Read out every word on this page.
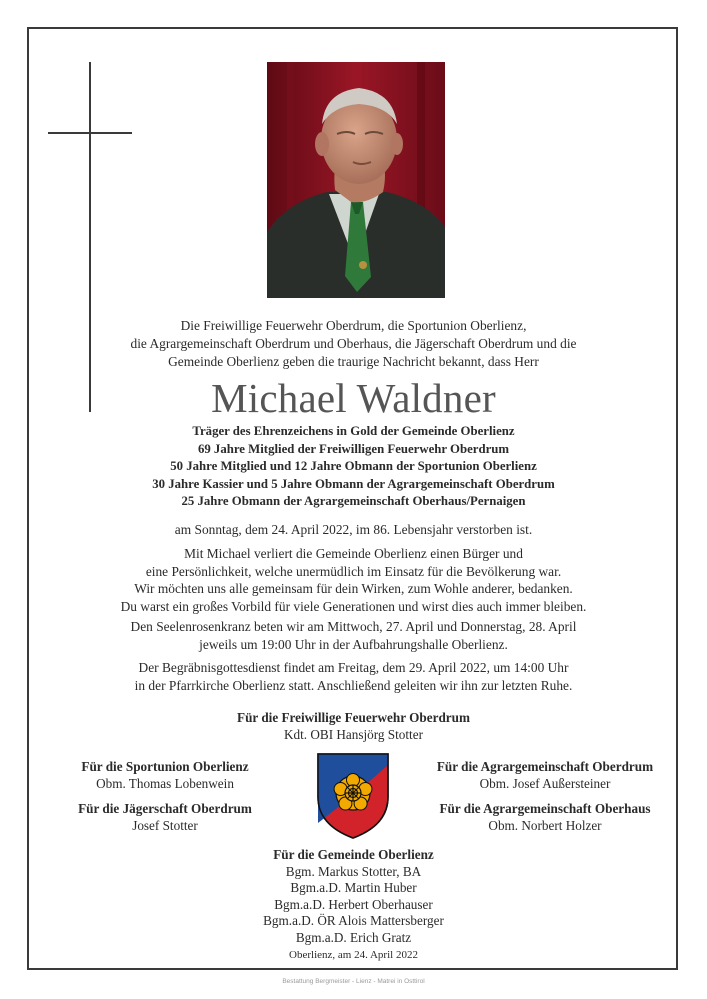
Die Freiwillige Feuerwehr Oberdrum, die Sportunion Oberlienz,
die Agrargemeinschaft Oberdrum und Oberhaus, die Jägerschaft Oberdrum und die
Gemeinde Oberlienz geben die traurige Nachricht bekannt, dass Herr
Michael Waldner
Träger des Ehrenzeichens in Gold der Gemeinde Oberlienz
69 Jahre Mitglied der Freiwilligen Feuerwehr Oberdrum
50 Jahre Mitglied und 12 Jahre Obmann der Sportunion Oberlienz
30 Jahre Kassier und 5 Jahre Obmann der Agrargemeinschaft Oberdrum
25 Jahre Obmann der Agrargemeinschaft Oberhaus/Pernaigen
am Sonntag, dem 24. April 2022, im 86. Lebensjahr verstorben ist.
Mit Michael verliert die Gemeinde Oberlienz einen Bürger und
eine Persönlichkeit, welche unermüdlich im Einsatz für die Bevölkerung war.
Wir möchten uns alle gemeinsam für dein Wirken, zum Wohle anderer, bedanken.
Du warst ein großes Vorbild für viele Generationen und wirst dies auch immer bleiben.
Den Seelenrosenkranz beten wir am Mittwoch, 27. April und Donnerstag, 28. April
jeweils um 19:00 Uhr in der Aufbahrungshalle Oberlienz.
Der Begräbnisgottesdienst findet am Freitag, dem 29. April 2022, um 14:00 Uhr
in der Pfarrkirche Oberlienz statt. Anschließend geleiten wir ihn zur letzten Ruhe.
Für die Freiwillige Feuerwehr Oberdrum
Kdt. OBI Hansjörg Stotter
Für die Sportunion Oberlienz
Obm. Thomas Lobenwein
Für die Jägerschaft Oberdrum
Josef Stotter
Für die Agrargemeinschaft Oberdrum
Obm. Josef Außersteiner
Für die Agrargemeinschaft Oberhaus
Obm. Norbert Holzer
Für die Gemeinde Oberlienz
Bgm. Markus Stotter, BA
Bgm.a.D. Martin Huber
Bgm.a.D. Herbert Oberhauser
Bgm.a.D. ÖR Alois Mattersberger
Bgm.a.D. Erich Gratz
Oberlienz, am 24. April 2022
Bestattung Bergmeister - Lienz - Matrei in Osttirol
